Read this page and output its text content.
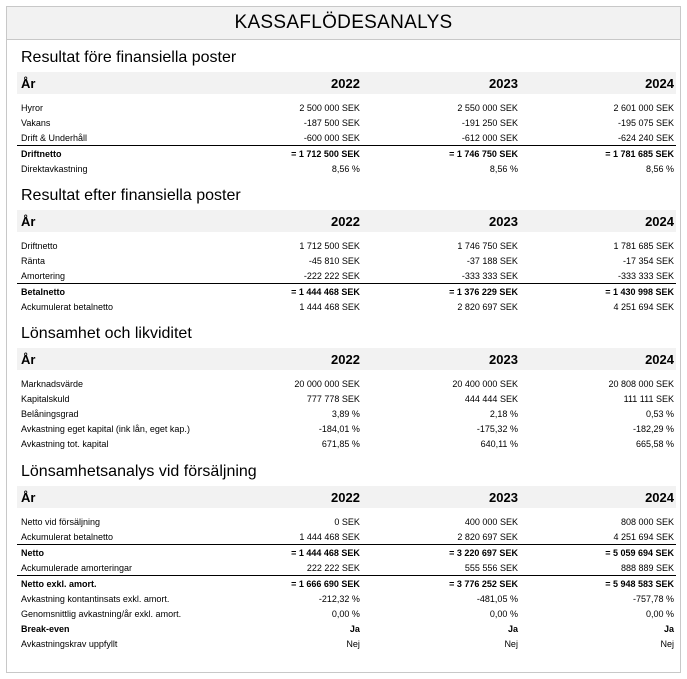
KASSAFLÖDESANALYS
Resultat före finansiella poster
År	2022	2023	2024
Hyror	2 500 000 SEK	2 550 000 SEK	2 601 000 SEK
Vakans	-187 500 SEK	-191 250 SEK	-195 075 SEK
Drift & Underhåll	-600 000 SEK	-612 000 SEK	-624 240 SEK
Driftnetto	= 1 712 500 SEK	= 1 746 750 SEK	= 1 781 685 SEK
Direktavkastning	8,56 %	8,56 %	8,56 %
Resultat efter finansiella poster
År	2022	2023	2024
Driftnetto	1 712 500 SEK	1 746 750 SEK	1 781 685 SEK
Ränta	-45 810 SEK	-37 188 SEK	-17 354 SEK
Amortering	-222 222 SEK	-333 333 SEK	-333 333 SEK
Betalnetto	= 1 444 468 SEK	= 1 376 229 SEK	= 1 430 998 SEK
Ackumulerat betalnetto	1 444 468 SEK	2 820 697 SEK	4 251 694 SEK
Lönsamhet och likviditet
År	2022	2023	2024
Marknadsvärde	20 000 000 SEK	20 400 000 SEK	20 808 000 SEK
Kapitalskuld	777 778 SEK	444 444 SEK	111 111 SEK
Belåningsgrad	3,89 %	2,18 %	0,53 %
Avkastning eget kapital (ink lån, eget kap.)	-184,01 %	-175,32 %	-182,29 %
Avkastning tot. kapital	671,85 %	640,11 %	665,58 %
Lönsamhetsanalys vid försäljning
År	2022	2023	2024
Netto vid försäljning	0 SEK	400 000 SEK	808 000 SEK
Ackumulerat betalnetto	1 444 468 SEK	2 820 697 SEK	4 251 694 SEK
Netto	= 1 444 468 SEK	= 3 220 697 SEK	= 5 059 694 SEK
Ackumulerade amorteringar	222 222 SEK	555 556 SEK	888 889 SEK
Netto exkl. amort.	= 1 666 690 SEK	= 3 776 252 SEK	= 5 948 583 SEK
Avkastning kontantinsats exkl. amort.	-212,32 %	-481,05 %	-757,78 %
Genomsnittlig avkastning/år exkl. amort.	0,00 %	0,00 %	0,00 %
Break-even	Ja	Ja	Ja
Avkastningskrav uppfyllt	Nej	Nej	Nej
